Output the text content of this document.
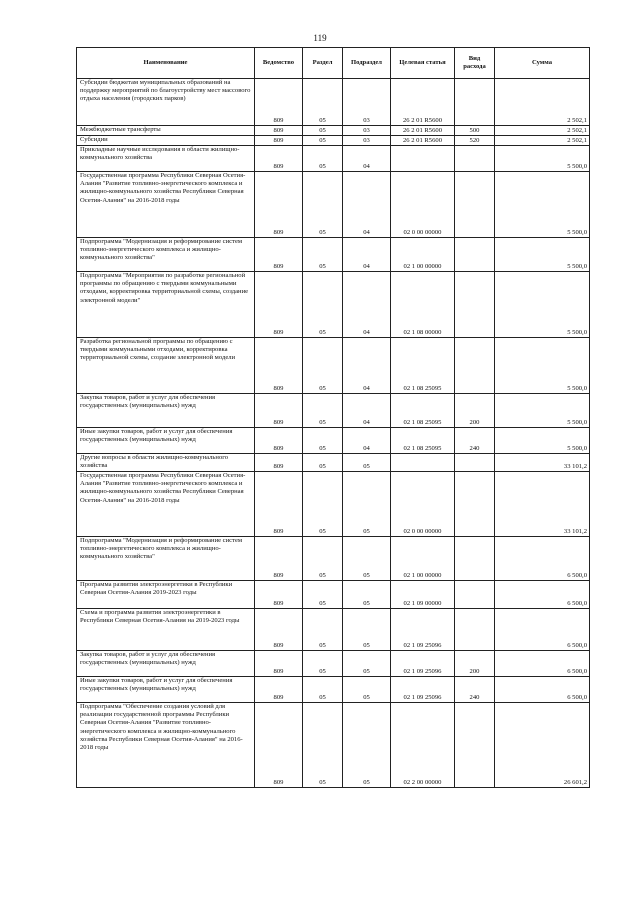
119
Наименование	Ведомство	Раздел	Подраздел	Целевая статья	Вид расхода	Сумма
Субсидии бюджетам муниципальных образований на поддержку мероприятий по благоустройству мест массового отдыха населения (городских парков)	809	05	03	26 2 01 R5600		2 502,1
Межбюджетные трансферты	809	05	03	26 2 01 R5600	500	2 502,1
Субсидии	809	05	03	26 2 01 R5600	520	2 502,1
Прикладные научные исследования в области жилищно-коммунального хозяйства	809	05	04			5 500,0
Государственная программа Республики Северная Осетия-Алания "Развитие топливно-энергетического комплекса и жилищно-коммунального хозяйства Республики Северная Осетия-Алания" на 2016-2018 годы	809	05	04	02 0 00 00000		5 500,0
Подпрограмма "Модернизация и реформирование систем топливно-энергетического комплекса и жилищно-коммунального хозяйства"	809	05	04	02 1 00 00000		5 500,0
Подпрограмма "Мероприятия по разработке региональной программы по обращению с твердыми коммунальными отходами, корректировка территориальной схемы, создание электронной модели"	809	05	04	02 1 08 00000		5 500,0
Разработка региональной программы по обращению с твердыми коммунальными отходами, корректировка территориальной схемы, создание электронной модели	809	05	04	02 1 08 25095		5 500,0
Закупка товаров, работ и услуг для обеспечения государственных (муниципальных) нужд	809	05	04	02 1 08 25095	200	5 500,0
Иные закупки товаров, работ и услуг для обеспечения государственных (муниципальных) нужд	809	05	04	02 1 08 25095	240	5 500,0
Другие вопросы в области жилищно-коммунального хозяйства	809	05	05			33 101,2
Государственная программа Республики Северная Осетия-Алания "Развитие топливно-энергетического комплекса и жилищно-коммунального хозяйства Республики Северная Осетия-Алания" на 2016-2018 годы	809	05	05	02 0 00 00000		33 101,2
Подпрограмма "Модернизация и реформирование систем топливно-энергетического комплекса и жилищно-коммунального хозяйства"	809	05	05	02 1 00 00000		6 500,0
Программа развития электроэнергетики в Республики Северная Осетия-Алания 2019-2023 годы	809	05	05	02 1 09 00000		6 500,0
Схема и программа развития электроэнергетики в Республики Северная Осетия-Алания на 2019-2023 годы	809	05	05	02 1 09 25096		6 500,0
Закупка товаров, работ и услуг для обеспечения государственных (муниципальных) нужд	809	05	05	02 1 09 25096	200	6 500,0
Иные закупки товаров, работ и услуг для обеспечения государственных (муниципальных) нужд	809	05	05	02 1 09 25096	240	6 500,0
Подпрограмма "Обеспечение создания условий для реализации государственной программы Республики Северная Осетия-Алания "Развитие топливно-энергетического комплекса и жилищно-коммунального хозяйства Республики Северная Осетия-Алания" на 2016-2018 годы	809	05	05	02 2 00 00000		26 601,2
